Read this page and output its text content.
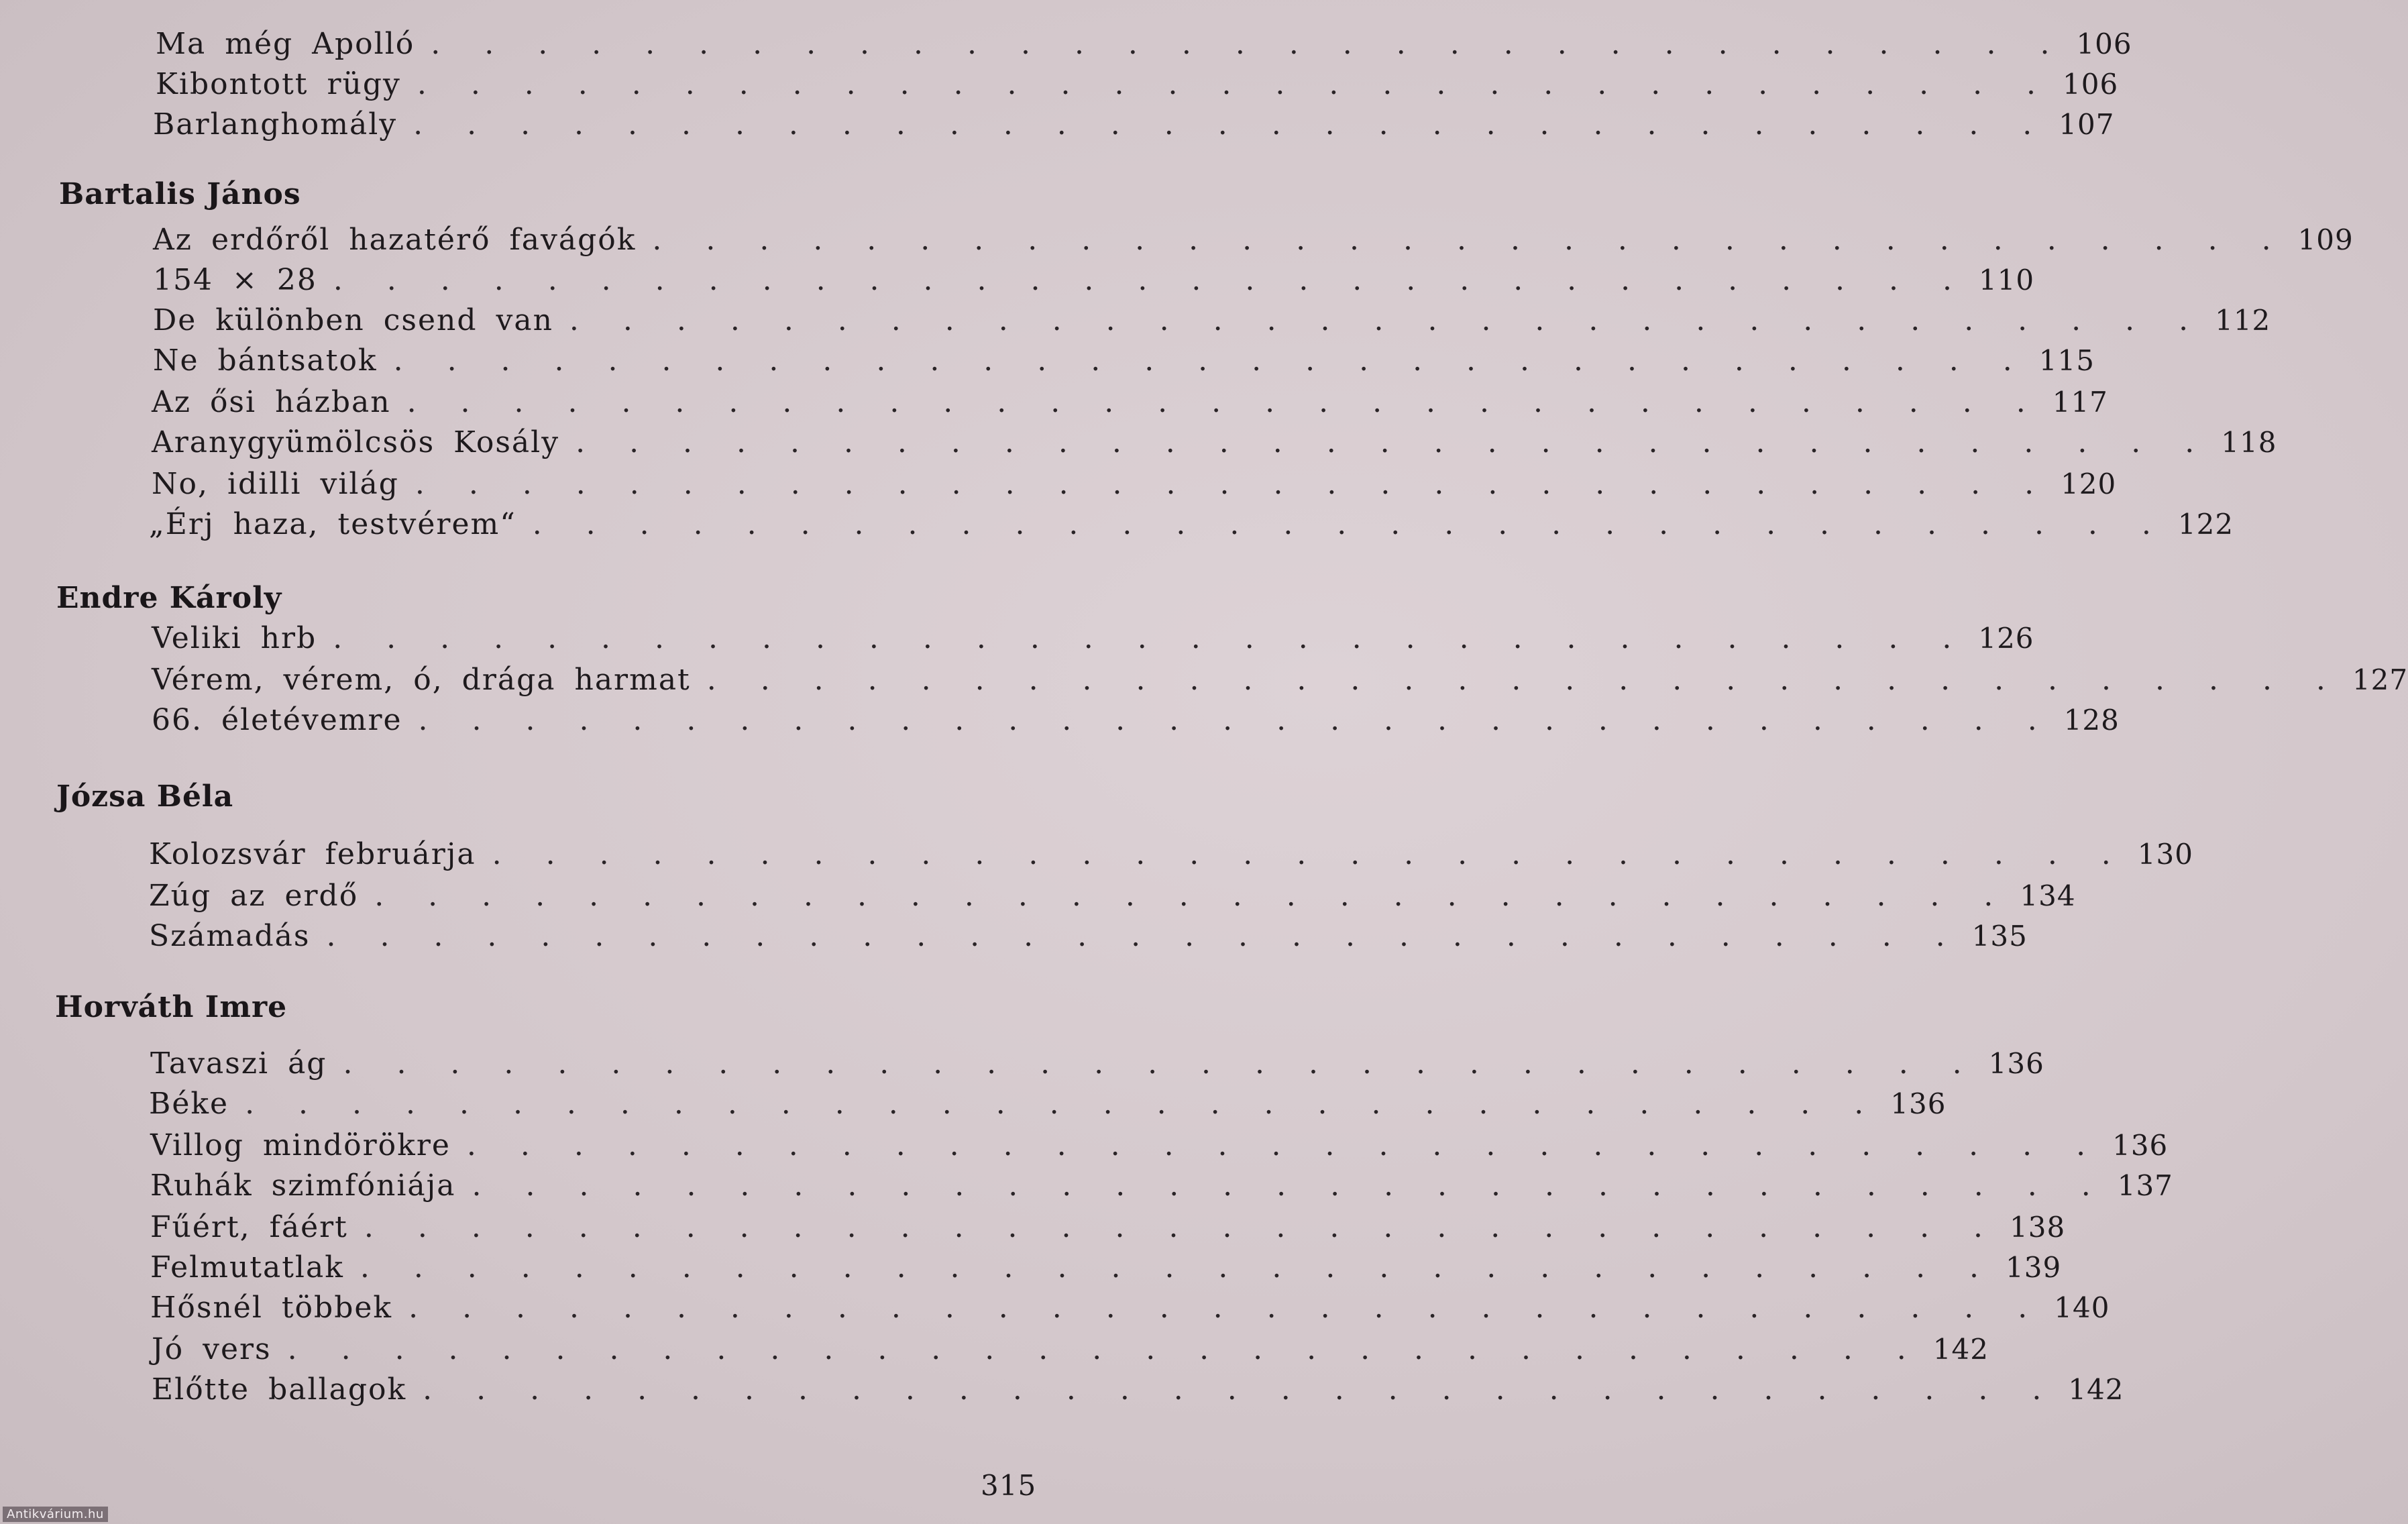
Ma még Apolló . . . . . . . . . . . . . . . . . . . . . . . . . . . . . . . 106
Kibontott rügy . . . . . . . . . . . . . . . . . . . . . . . . . . . . . . . 106
Barlanghomály . . . . . . . . . . . . . . . . . . . . . . . . . . . . . . . 107
Bartalis János
Az erdőről hazatérő favágók . . . . . . . . . . . . . . . . . . . . . . . . . . . . . . . 109
154 × 28 . . . . . . . . . . . . . . . . . . . . . . . . . . . . . . . 110
De különben csend van . . . . . . . . . . . . . . . . . . . . . . . . . . . . . . . 112
Ne bántsatok . . . . . . . . . . . . . . . . . . . . . . . . . . . . . . . 115
Az ősi házban . . . . . . . . . . . . . . . . . . . . . . . . . . . . . . . 117
Aranygyümölcsös Kosály . . . . . . . . . . . . . . . . . . . . . . . . . . . . . . . 118
No, idilli világ . . . . . . . . . . . . . . . . . . . . . . . . . . . . . . . 120
„Érj haza, testvérem“ . . . . . . . . . . . . . . . . . . . . . . . . . . . . . . . 122
Endre Károly
Veliki hrb . . . . . . . . . . . . . . . . . . . . . . . . . . . . . . . 126
Vérem, vérem, ó, drága harmat . . . . . . . . . . . . . . . . . . . . . . . . . . . . . . . 127
66. életévemre . . . . . . . . . . . . . . . . . . . . . . . . . . . . . . . 128
Józsa Béla
Kolozsvár februárja . . . . . . . . . . . . . . . . . . . . . . . . . . . . . . . 130
Zúg az erdő . . . . . . . . . . . . . . . . . . . . . . . . . . . . . . . 134
Számadás . . . . . . . . . . . . . . . . . . . . . . . . . . . . . . . 135
Horváth Imre
Tavaszi ág . . . . . . . . . . . . . . . . . . . . . . . . . . . . . . . 136
Béke . . . . . . . . . . . . . . . . . . . . . . . . . . . . . . . 136
Villog mindörökre . . . . . . . . . . . . . . . . . . . . . . . . . . . . . . . 136
Ruhák szimfóniája . . . . . . . . . . . . . . . . . . . . . . . . . . . . . . . 137
Fűért, fáért . . . . . . . . . . . . . . . . . . . . . . . . . . . . . . . 138
Felmutatlak . . . . . . . . . . . . . . . . . . . . . . . . . . . . . . . 139
Hősnél többek . . . . . . . . . . . . . . . . . . . . . . . . . . . . . . . 140
Jó vers . . . . . . . . . . . . . . . . . . . . . . . . . . . . . . . 142
Előtte ballagok . . . . . . . . . . . . . . . . . . . . . . . . . . . . . . . 142
315
Antikvárium.hu
